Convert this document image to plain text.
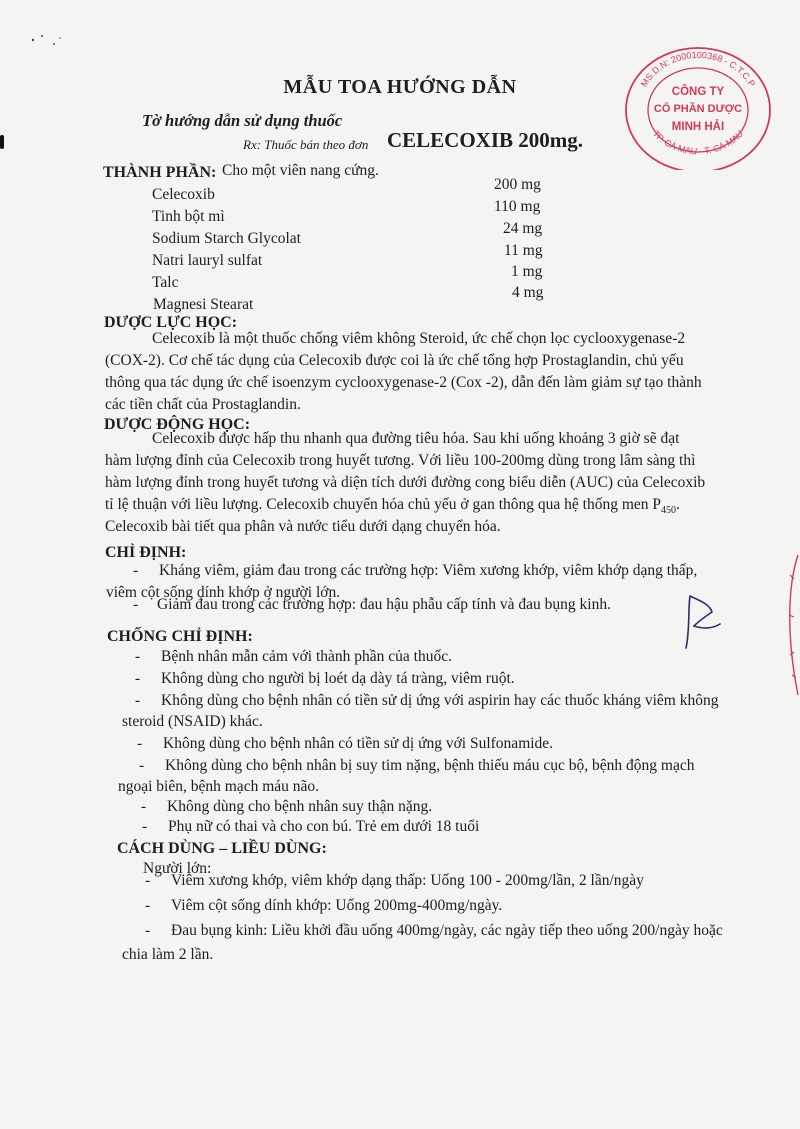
MẪU TOA HƯỚNG DẪN
Tờ hướng dẫn sử dụng thuốc
Rx: Thuốc bán theo đơn CELECOXIB 200mg.
MS.D.N: 2000100368 - C.T.C.P
TP. CÀ MAU - T. CÀ MAU
CÔNG TY
CỔ PHẦN DƯỢC
MINH HẢI
THÀNH PHẦN: Cho một viên nang cứng.
Celecoxib
200 mg
Tinh bột mì
110 mg
Sodium Starch Glycolat
24 mg
Natri lauryl sulfat
11 mg
Talc
1 mg
Magnesi Stearat
4 mg
DƯỢC LỰC HỌC:
Celecoxib là một thuốc chống viêm không Steroid, ức chế chọn lọc cyclooxygenase-2
(COX-2). Cơ chế tác dụng của Celecoxib được coi là ức chế tổng hợp Prostaglandin, chủ yếu
thông qua tác dụng ức chế isoenzym cyclooxygenase-2 (Cox -2), dẫn đến làm giảm sự tạo thành
các tiền chất của Prostaglandin.
DƯỢC ĐỘNG HỌC:
Celecoxib được hấp thu nhanh qua đường tiêu hóa. Sau khi uống khoảng 3 giờ sẽ đạt
hàm lượng đỉnh của Celecoxib trong huyết tương. Với liều 100-200mg dùng trong lâm sàng thì
hàm lượng đỉnh trong huyết tương và diện tích dưới đường cong biểu diễn (AUC) của Celecoxib
tỉ lệ thuận với liều lượng. Celecoxib chuyển hóa chủ yếu ở gan thông qua hệ thống men $P_{450}$.
Celecoxib bài tiết qua phân và nước tiểu dưới dạng chuyển hóa.
CHỈ ĐỊNH:
- Kháng viêm, giảm đau trong các trường hợp: Viêm xương khớp, viêm khớp dạng thấp,
viêm cột sống dính khớp ở người lớn.
- Giảm đau trong các trường hợp: đau hậu phẫu cấp tính và đau bụng kinh.
CHỐNG CHỈ ĐỊNH:
- Bệnh nhân mẫn cảm với thành phần của thuốc.
- Không dùng cho người bị loét dạ dày tá tràng, viêm ruột.
- Không dùng cho bệnh nhân có tiền sử dị ứng với aspirin hay các thuốc kháng viêm không
steroid (NSAID) khác.
- Không dùng cho bệnh nhân có tiền sử dị ứng với Sulfonamide.
- Không dùng cho bệnh nhân bị suy tim nặng, bệnh thiếu máu cục bộ, bệnh động mạch
ngoại biên, bệnh mạch máu não.
- Không dùng cho bệnh nhân suy thận nặng.
- Phụ nữ có thai và cho con bú. Trẻ em dưới 18 tuổi
CÁCH DÙNG – LIỀU DÙNG:
Người lớn:
- Viêm xương khớp, viêm khớp dạng thấp: Uống 100 - 200mg/lần, 2 lần/ngày
- Viêm cột sống dính khớp: Uống 200mg-400mg/ngày.
- Đau bụng kinh: Liều khởi đầu uống 400mg/ngày, các ngày tiếp theo uống 200/ngày hoặc
chia làm 2 lần.
